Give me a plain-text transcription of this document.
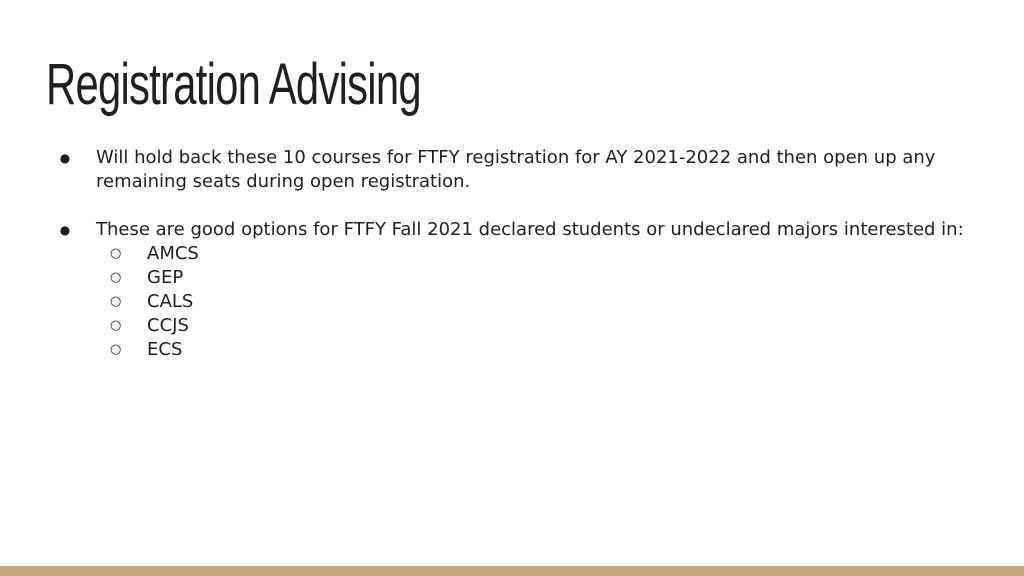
Registration Advising
● Will hold back these 10 courses for FTFY registration for AY 2021-2022 and then open up any remaining seats during open registration.
● These are good options for FTFY Fall 2021 declared students or undeclared majors interested in:
○ AMCS
○ GEP
○ CALS
○ CCJS
○ ECS
